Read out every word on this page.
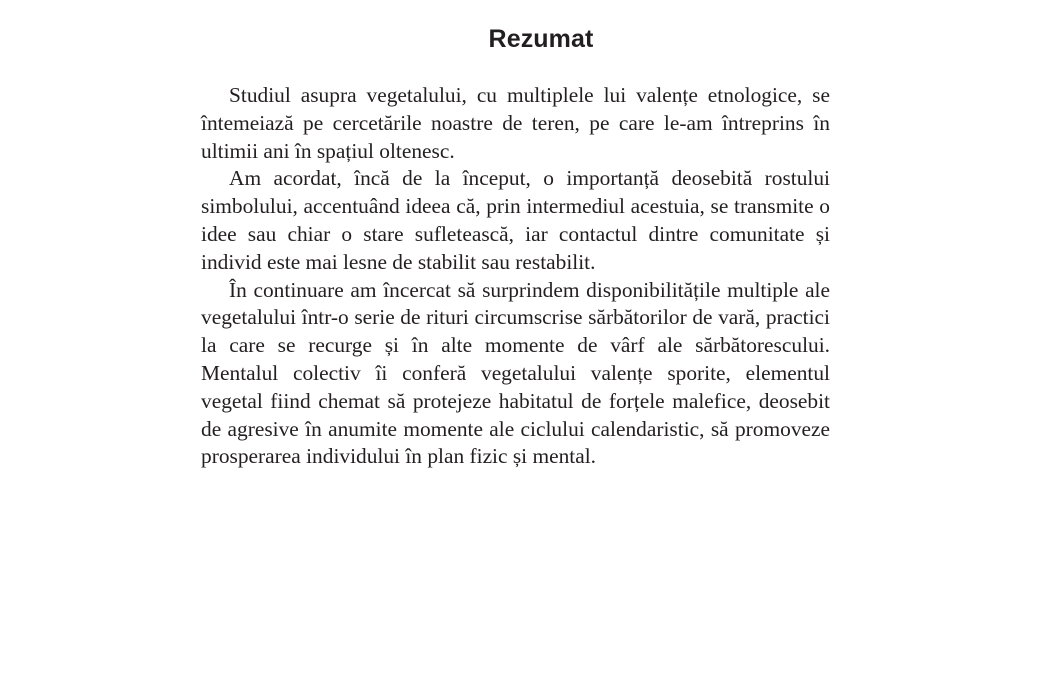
Rezumat

Studiul asupra vegetalului, cu multiplele lui valențe etnologice, se întemeiază pe cercetările noastre de teren, pe care le-am întreprins în ultimii ani în spațiul oltenesc.

Am acordat, încă de la început, o importanță deosebită rostului simbolului, accentuând ideea că, prin intermediul acestuia, se transmite o idee sau chiar o stare sufletească, iar contactul dintre comunitate și individ este mai lesne de stabilit sau restabilit.

În continuare am încercat să surprindem disponibilitățile multiple ale vegetalului într-o serie de rituri circumscrise sărbătorilor de vară, practici la care se recurge și în alte momente de vârf ale sărbătorescului. Mentalul colectiv îi conferă vegetalului valențe sporite, elementul vegetal fiind chemat să protejeze habitatul de forțele malefice, deosebit de agresive în anumite momente ale ciclului calendaristic, să promoveze prosperarea individului în plan fizic și mental.
